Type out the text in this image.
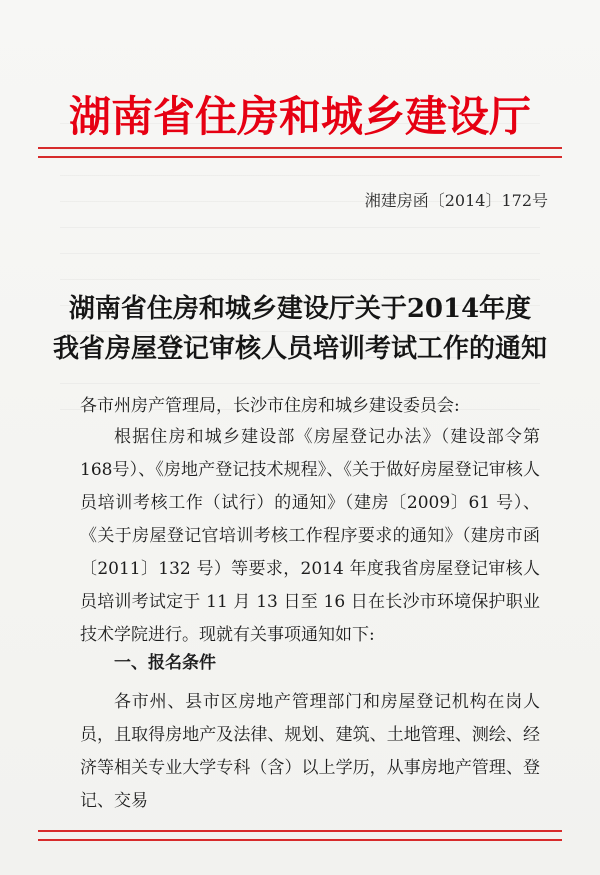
湖南省住房和城乡建设厅
湘建房函〔2014〕172号
湖南省住房和城乡建设厅关于2014年度
我省房屋登记审核人员培训考试工作的通知
各市州房产管理局，长沙市住房和城乡建设委员会:
根据住房和城乡建设部《房屋登记办法》（建设部令第 168号）、《房地产登记技术规程》、《关于做好房屋登记审核人员培训考核工作（试行）的通知》（建房〔2009〕61 号）、《关于房屋登记官培训考核工作程序要求的通知》（建房市函〔2011〕132 号）等要求，2014 年度我省房屋登记审核人员培训考试定于 11 月 13 日至 16 日在长沙市环境保护职业技术学院进行。现就有关事项通知如下:
一、报名条件
各市州、县市区房地产管理部门和房屋登记机构在岗人员，且取得房地产及法律、规划、建筑、土地管理、测绘、经济等相关专业大学专科（含）以上学历，从事房地产管理、登记、交易
